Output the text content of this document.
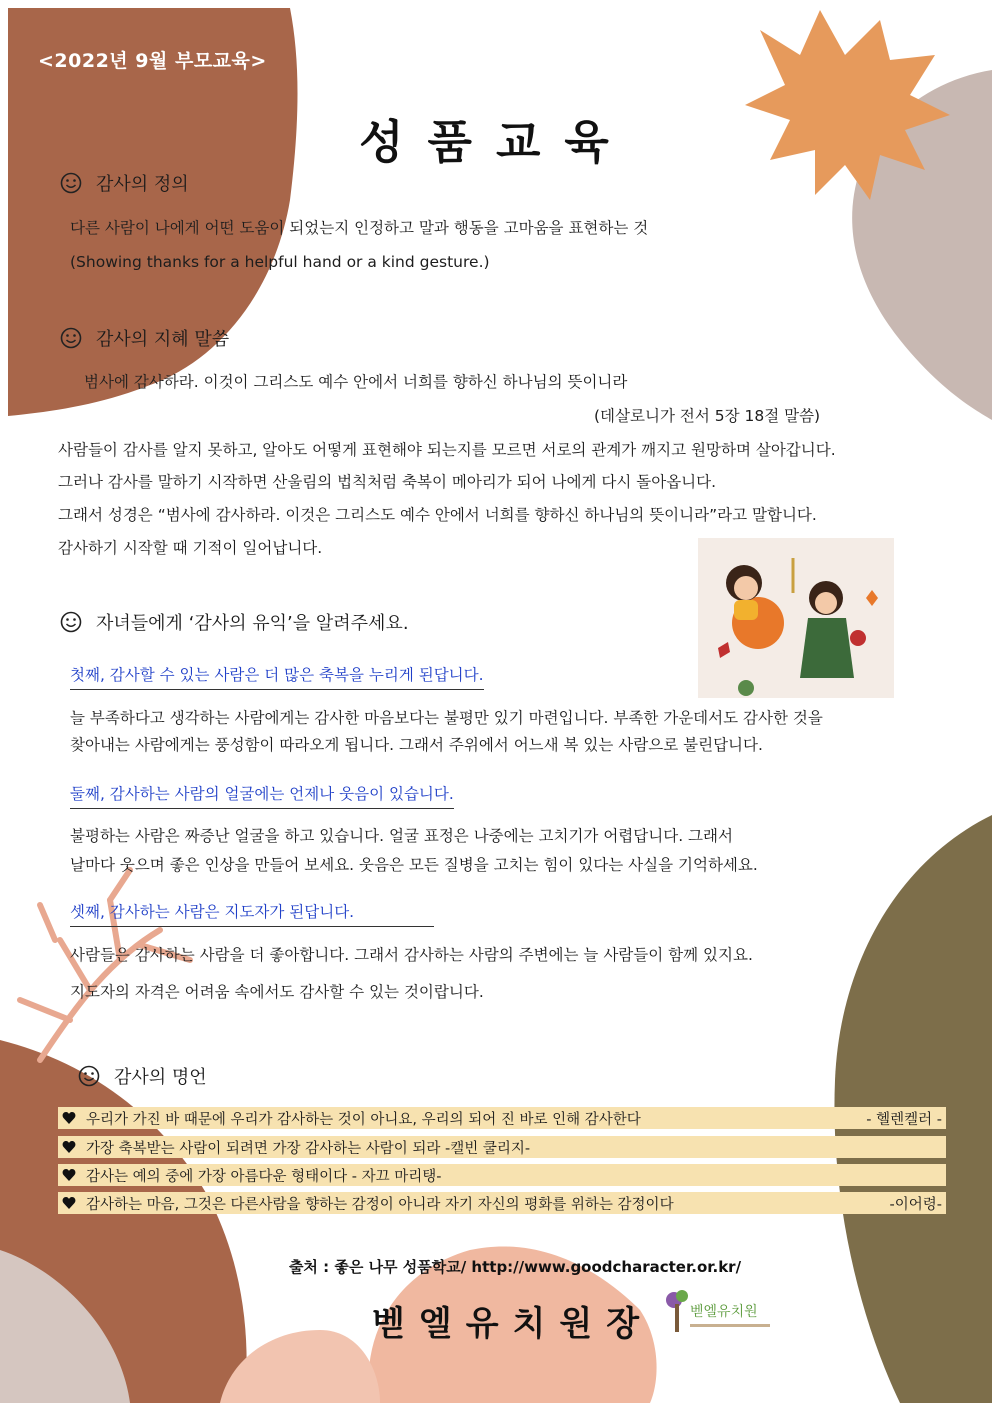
<2022년 9월 부모교육>
성품교육
감사의 정의
다른 사람이 나에게 어떤 도움이 되었는지 인정하고 말과 행동을 고마움을 표현하는 것
(Showing thanks for a helpful hand or a kind gesture.)
감사의 지혜 말씀
범사에 감사하라. 이것이 그리스도 예수 안에서 너희를 향하신 하나님의 뜻이니라
(데살로니가 전서 5장 18절 말씀)
사람들이 감사를 알지 못하고, 알아도 어떻게 표현해야 되는지를 모르면 서로의 관계가 깨지고 원망하며 살아갑니다.
그러나 감사를 말하기 시작하면 산울림의 법칙처럼 축복이 메아리가 되어 나에게 다시 돌아옵니다.
그래서 성경은 “범사에 감사하라. 이것은 그리스도 예수 안에서 너희를 향하신 하나님의 뜻이니라”라고 말합니다.
감사하기 시작할 때 기적이 일어납니다.
자녀들에게 ‘감사의 유익’을 알려주세요.
첫째, 감사할 수 있는 사람은 더 많은 축복을 누리게 된답니다.
늘 부족하다고 생각하는 사람에게는 감사한 마음보다는 불평만 있기 마련입니다. 부족한 가운데서도 감사한 것을
찾아내는 사람에게는 풍성함이 따라오게 됩니다. 그래서 주위에서 어느새 복 있는 사람으로 불린답니다.
둘째, 감사하는 사람의 얼굴에는 언제나 웃음이 있습니다.
불평하는 사람은 짜증난 얼굴을 하고 있습니다. 얼굴 표정은 나중에는 고치기가 어렵답니다. 그래서
날마다 웃으며 좋은 인상을 만들어 보세요. 웃음은 모든 질병을 고치는 힘이 있다는 사실을 기억하세요.
셋째, 감사하는 사람은 지도자가 된답니다.
사람들은 감사하는 사람을 더 좋아합니다. 그래서 감사하는 사람의 주변에는 늘 사람들이 함께 있지요.
지도자의 자격은 어려움 속에서도 감사할 수 있는 것이랍니다.
감사의 명언
우리가 가진 바 때문에 우리가 감사하는 것이 아니요, 우리의 되어 진 바로 인해 감사한다	- 헬렌켈러 -
가장 축복받는 사람이 되려면 가장 감사하는 사람이 되라 -캘빈 쿨리지-
감사는 예의 중에 가장 아름다운 형태이다 - 자끄 마리탱-
감사하는 마음, 그것은 다른사람을 향하는 감정이 아니라 자기 자신의 평화를 위하는 감정이다	-이어령-
출처 : 좋은 나무 성품학교/ http://www.goodcharacter.or.kr/
벧엘유치원장	벧엘유치원
